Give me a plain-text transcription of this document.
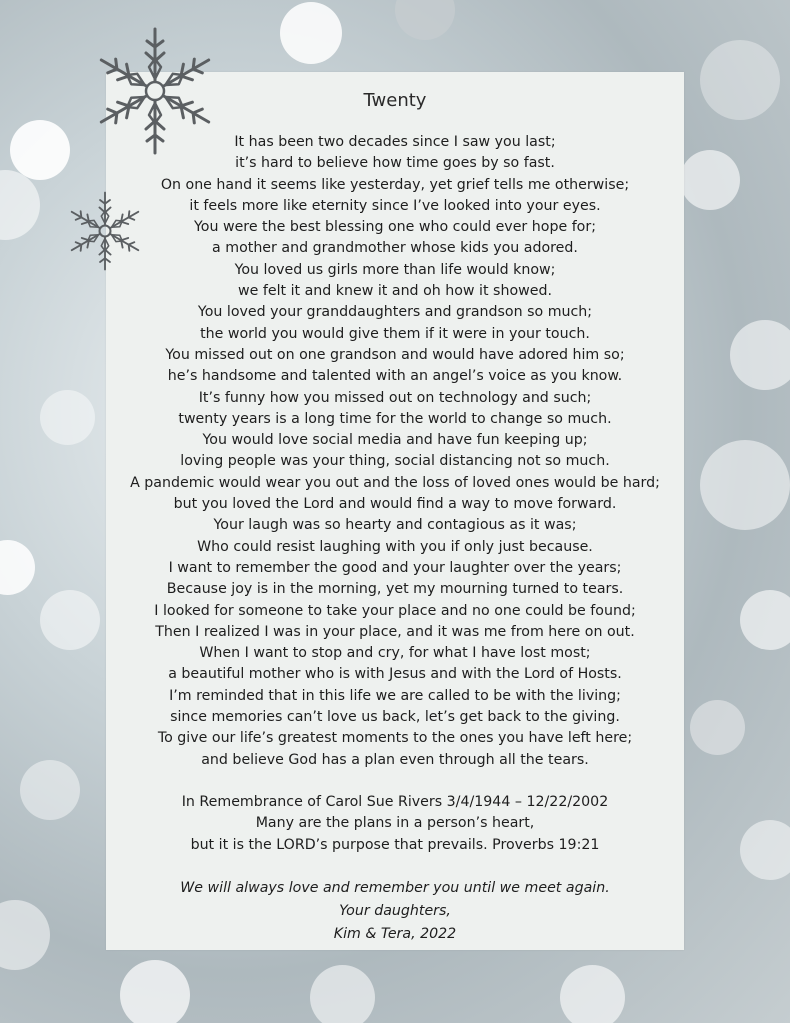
Twenty
It has been two decades since I saw you last;
it’s hard to believe how time goes by so fast.
On one hand it seems like yesterday, yet grief tells me otherwise;
it feels more like eternity since I’ve looked into your eyes.
You were the best blessing one who could ever hope for;
a mother and grandmother whose kids you adored.
You loved us girls more than life would know;
we felt it and knew it and oh how it showed.
You loved your granddaughters and grandson so much;
the world you would give them if it were in your touch.
You missed out on one grandson and would have adored him so;
he’s handsome and talented with an angel’s voice as you know.
It’s funny how you missed out on technology and such;
twenty years is a long time for the world to change so much.
You would love social media and have fun keeping up;
loving people was your thing, social distancing not so much.
A pandemic would wear you out and the loss of loved ones would be hard;
but you loved the Lord and would find a way to move forward.
Your laugh was so hearty and contagious as it was;
Who could resist laughing with you if only just because.
I want to remember the good and your laughter over the years;
Because joy is in the morning, yet my mourning turned to tears.
I looked for someone to take your place and no one could be found;
Then I realized I was in your place, and it was me from here on out.
When I want to stop and cry, for what I have lost most;
a beautiful mother who is with Jesus and with the Lord of Hosts.
I’m reminded that in this life we are called to be with the living;
since memories can’t love us back, let’s get back to the giving.
To give our life’s greatest moments to the ones you have left here;
and believe God has a plan even through all the tears.
In Remembrance of Carol Sue Rivers 3/4/1944 – 12/22/2002
Many are the plans in a person’s heart,
but it is the LORD’s purpose that prevails. Proverbs 19:21
We will always love and remember you until we meet again.
Your daughters,
Kim & Tera, 2022
